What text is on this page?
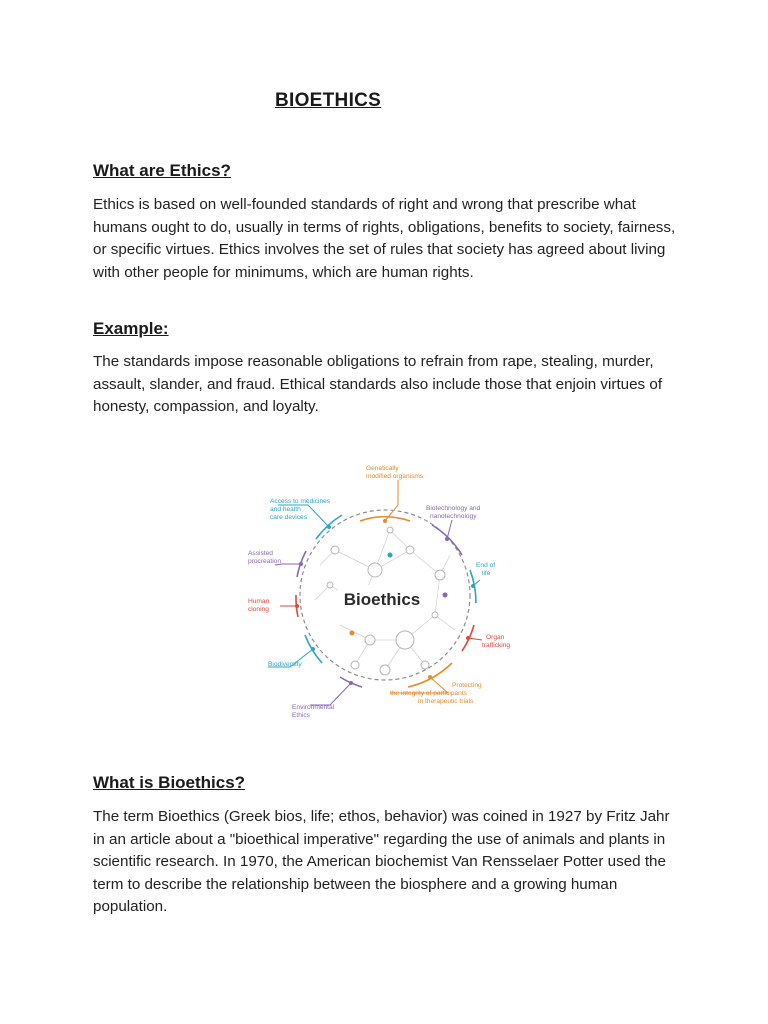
BIOETHICS
What are Ethics?

Ethics is based on well-founded standards of right and wrong that prescribe what humans ought to do, usually in terms of rights, obligations, benefits to society, fairness, or specific virtues. Ethics involves the set of rules that society has agreed about living with other people for minimums, which are human rights.

Example:

The standards impose reasonable obligations to refrain from rape, stealing, murder, assault, slander, and fraud. Ethical standards also include those that enjoin virtues of honesty, compassion, and loyalty.

Bioethics
Genetically
modified organisms
Biotechnology and
nanotechnology
End of
life
Organ
trafficking
Protecting
the integrity of participants
in therapeutic trials
Environmental
Ethics
Biodiversity
Human
cloning
Assisted
procreation
Access to medicines
and health
care devices
What is Bioethics?

The term Bioethics (Greek bios, life; ethos, behavior) was coined in 1927 by Fritz Jahr in an article about a "bioethical imperative" regarding the use of animals and plants in scientific research. In 1970, the American biochemist Van Rensselaer Potter used the term to describe the relationship between the biosphere and a growing human population.
